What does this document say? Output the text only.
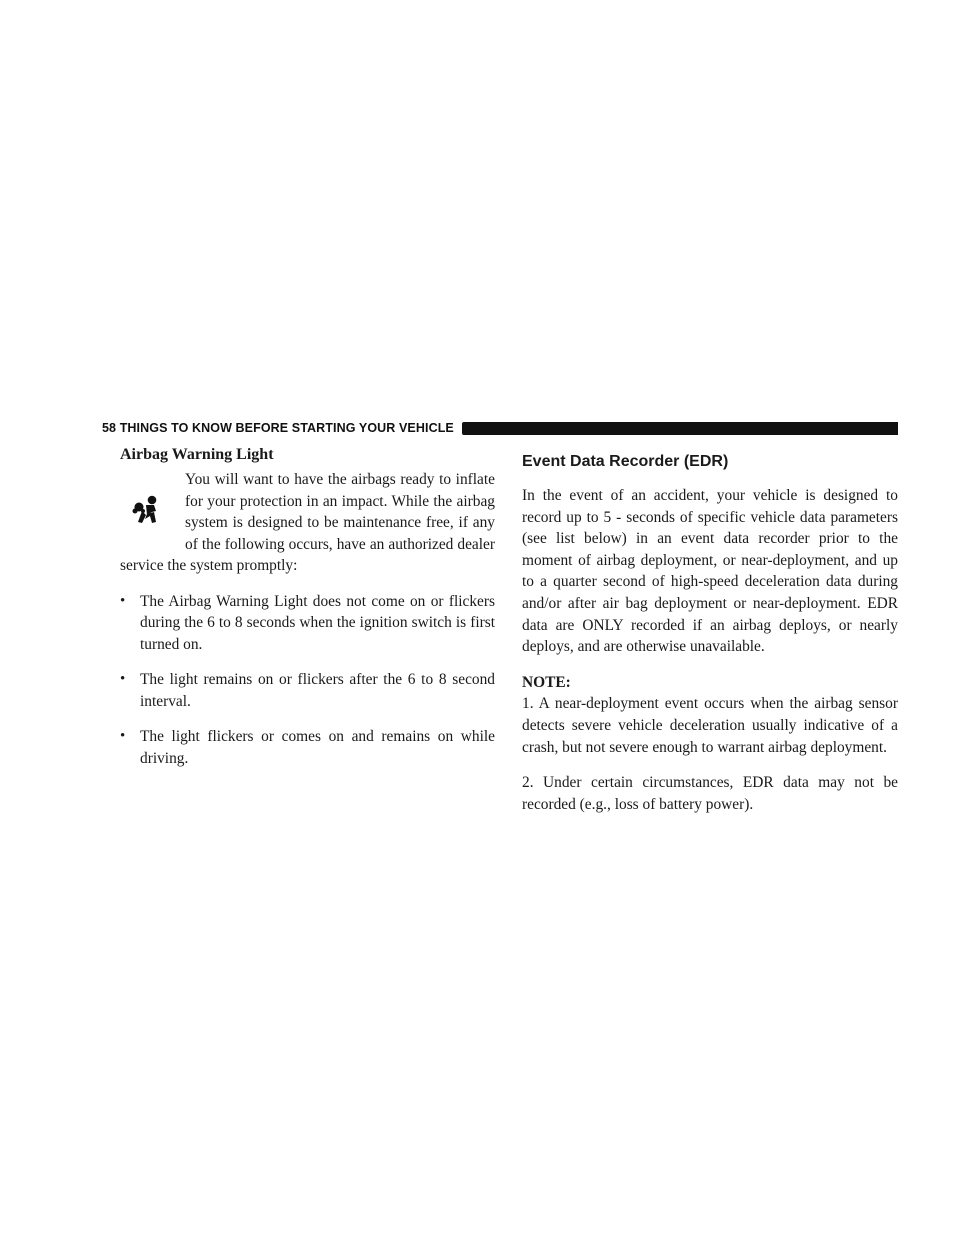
58 THINGS TO KNOW BEFORE STARTING YOUR VEHICLE
Airbag Warning Light

You will want to have the airbags ready to inflate for your protection in an impact. While the airbag system is designed to be maintenance free, if any of the following occurs, have an authorized dealer service the system promptly:

• The Airbag Warning Light does not come on or flickers during the 6 to 8 seconds when the ignition switch is first turned on.
• The light remains on or flickers after the 6 to 8 second interval.
• The light flickers or comes on and remains on while driving.
Event Data Recorder (EDR)

In the event of an accident, your vehicle is designed to record up to 5 - seconds of specific vehicle data parameters (see list below) in an event data recorder prior to the moment of airbag deployment, or near-deployment, and up to a quarter second of high-speed deceleration data during and/or after air bag deployment or near-deployment. EDR data are ONLY recorded if an airbag deploys, or nearly deploys, and are otherwise unavailable.

NOTE:

1. A near-deployment event occurs when the airbag sensor detects severe vehicle deceleration usually indicative of a crash, but not severe enough to warrant airbag deployment.

2. Under certain circumstances, EDR data may not be recorded (e.g., loss of battery power).
